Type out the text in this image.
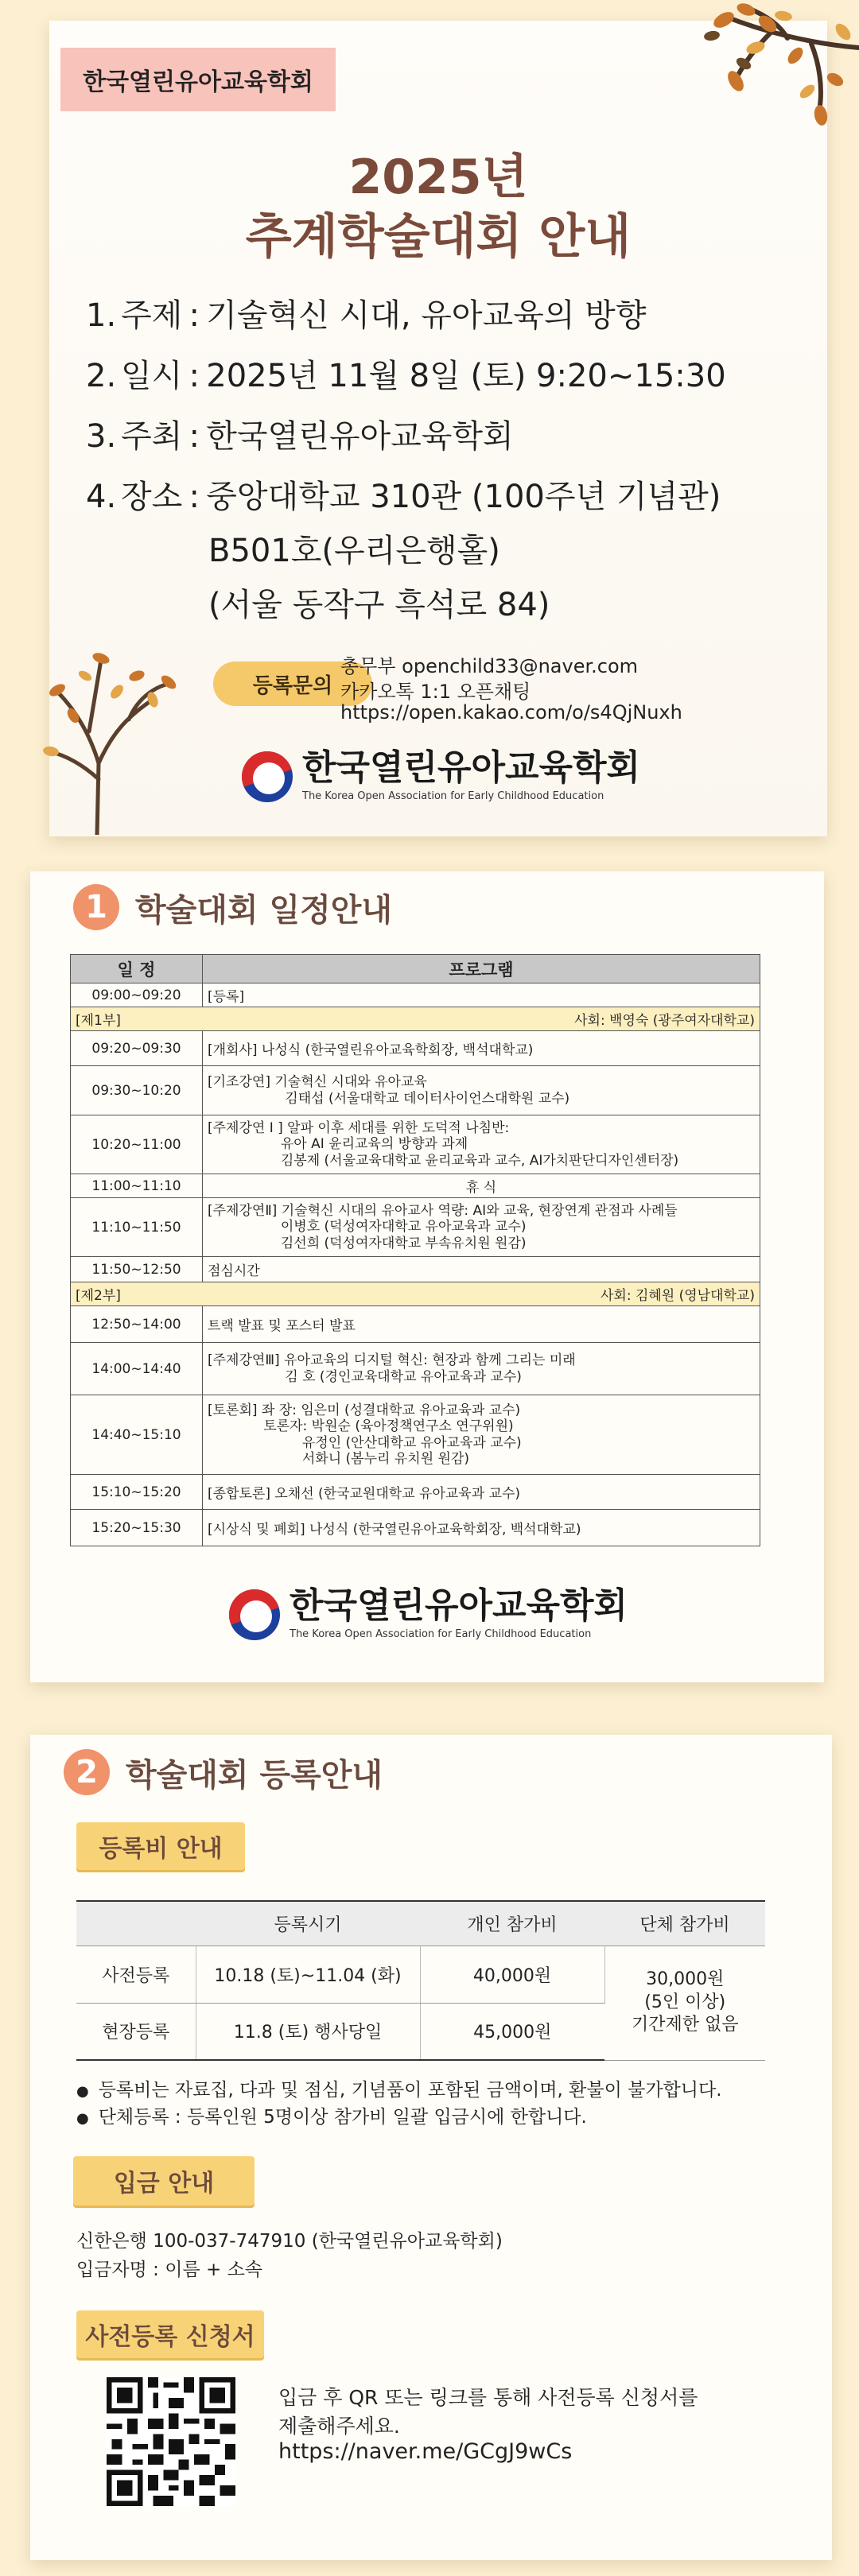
한국열린유아교육학회
2025년
추계학술대회 안내
1. 주제 : 기술혁신 시대, 유아교육의 방향
2. 일시 : 2025년 11월 8일 (토) 9:20~15:30
3. 주최 : 한국열린유아교육학회
4. 장소 : 중앙대학교 310관 (100주년 기념관)
B501호(우리은행홀)
(서울 동작구 흑석로 84)
등록문의
총무부 openchild33@naver.com
카카오톡 1:1 오픈채팅
https://open.kakao.com/o/s4QjNuxh
한국열린유아교육학회
The Korea Open Association for Early Childhood Education
1 학술대회 일정안내
일 정	프로그램
09:00~09:20	[등록]
[제1부] 사회: 백영숙 (광주여자대학교)	

09:20~09:30	[개회사] 나성식 (한국열린유아교육학회장, 백석대학교)
09:30~10:20	[기조강연] 기술혁신 시대와 유아교육
김태섭 (서울대학교 데이터사이언스대학원 교수)
10:20~11:00	[주제강연 I ] 알파 이후 세대를 위한 도덕적 나침반:
유아 AI 윤리교육의 방향과 과제
김봉제 (서울교육대학교 윤리교육과 교수, AI가치판단디자인센터장)
11:00~11:10	휴 식
11:10~11:50	[주제강연Ⅱ] 기술혁신 시대의 유아교사 역량: AI와 교육, 현장연계 관점과 사례들
이병호 (덕성여자대학교 유아교육과 교수)
김선희 (덕성여자대학교 부속유치원 원감)
11:50~12:50	점심시간
[제2부] 사회: 김혜원 (영남대학교)	

12:50~14:00	트랙 발표 및 포스터 발표
14:00~14:40	[주제강연Ⅲ] 유아교육의 디지털 혁신: 현장과 함께 그리는 미래
김 호 (경인교육대학교 유아교육과 교수)
14:40~15:10	[토론회] 좌 장: 임은미 (성결대학교 유아교육과 교수)
토론자: 박원순 (육아정책연구소 연구위원)
유정인 (안산대학교 유아교육과 교수)
서화니 (봄누리 유치원 원감)
15:10~15:20	[종합토론] 오채선 (한국교원대학교 유아교육과 교수)
15:20~15:30	[시상식 및 폐회] 나성식 (한국열린유아교육학회장, 백석대학교)
한국열린유아교육학회
The Korea Open Association for Early Childhood Education
2 학술대회 등록안내
등록비 안내
	등록시기	개인 참가비	단체 참가비
사전등록	10.18 (토)~11.04 (화)	40,000원	30,000원
(5인 이상)
기간제한 없음
현장등록	11.8 (토) 행사당일	45,000원	
● 등록비는 자료집, 다과 및 점심, 기념품이 포함된 금액이며, 환불이 불가합니다.
● 단체등록 : 등록인원 5명이상 참가비 일괄 입금시에 한합니다.
입금 안내
신한은행 100-037-747910 (한국열린유아교육학회)
입금자명 : 이름 + 소속
사전등록 신청서
입금 후 QR 또는 링크를 통해 사전등록 신청서를
제출해주세요.
https://naver.me/GCgJ9wCs
